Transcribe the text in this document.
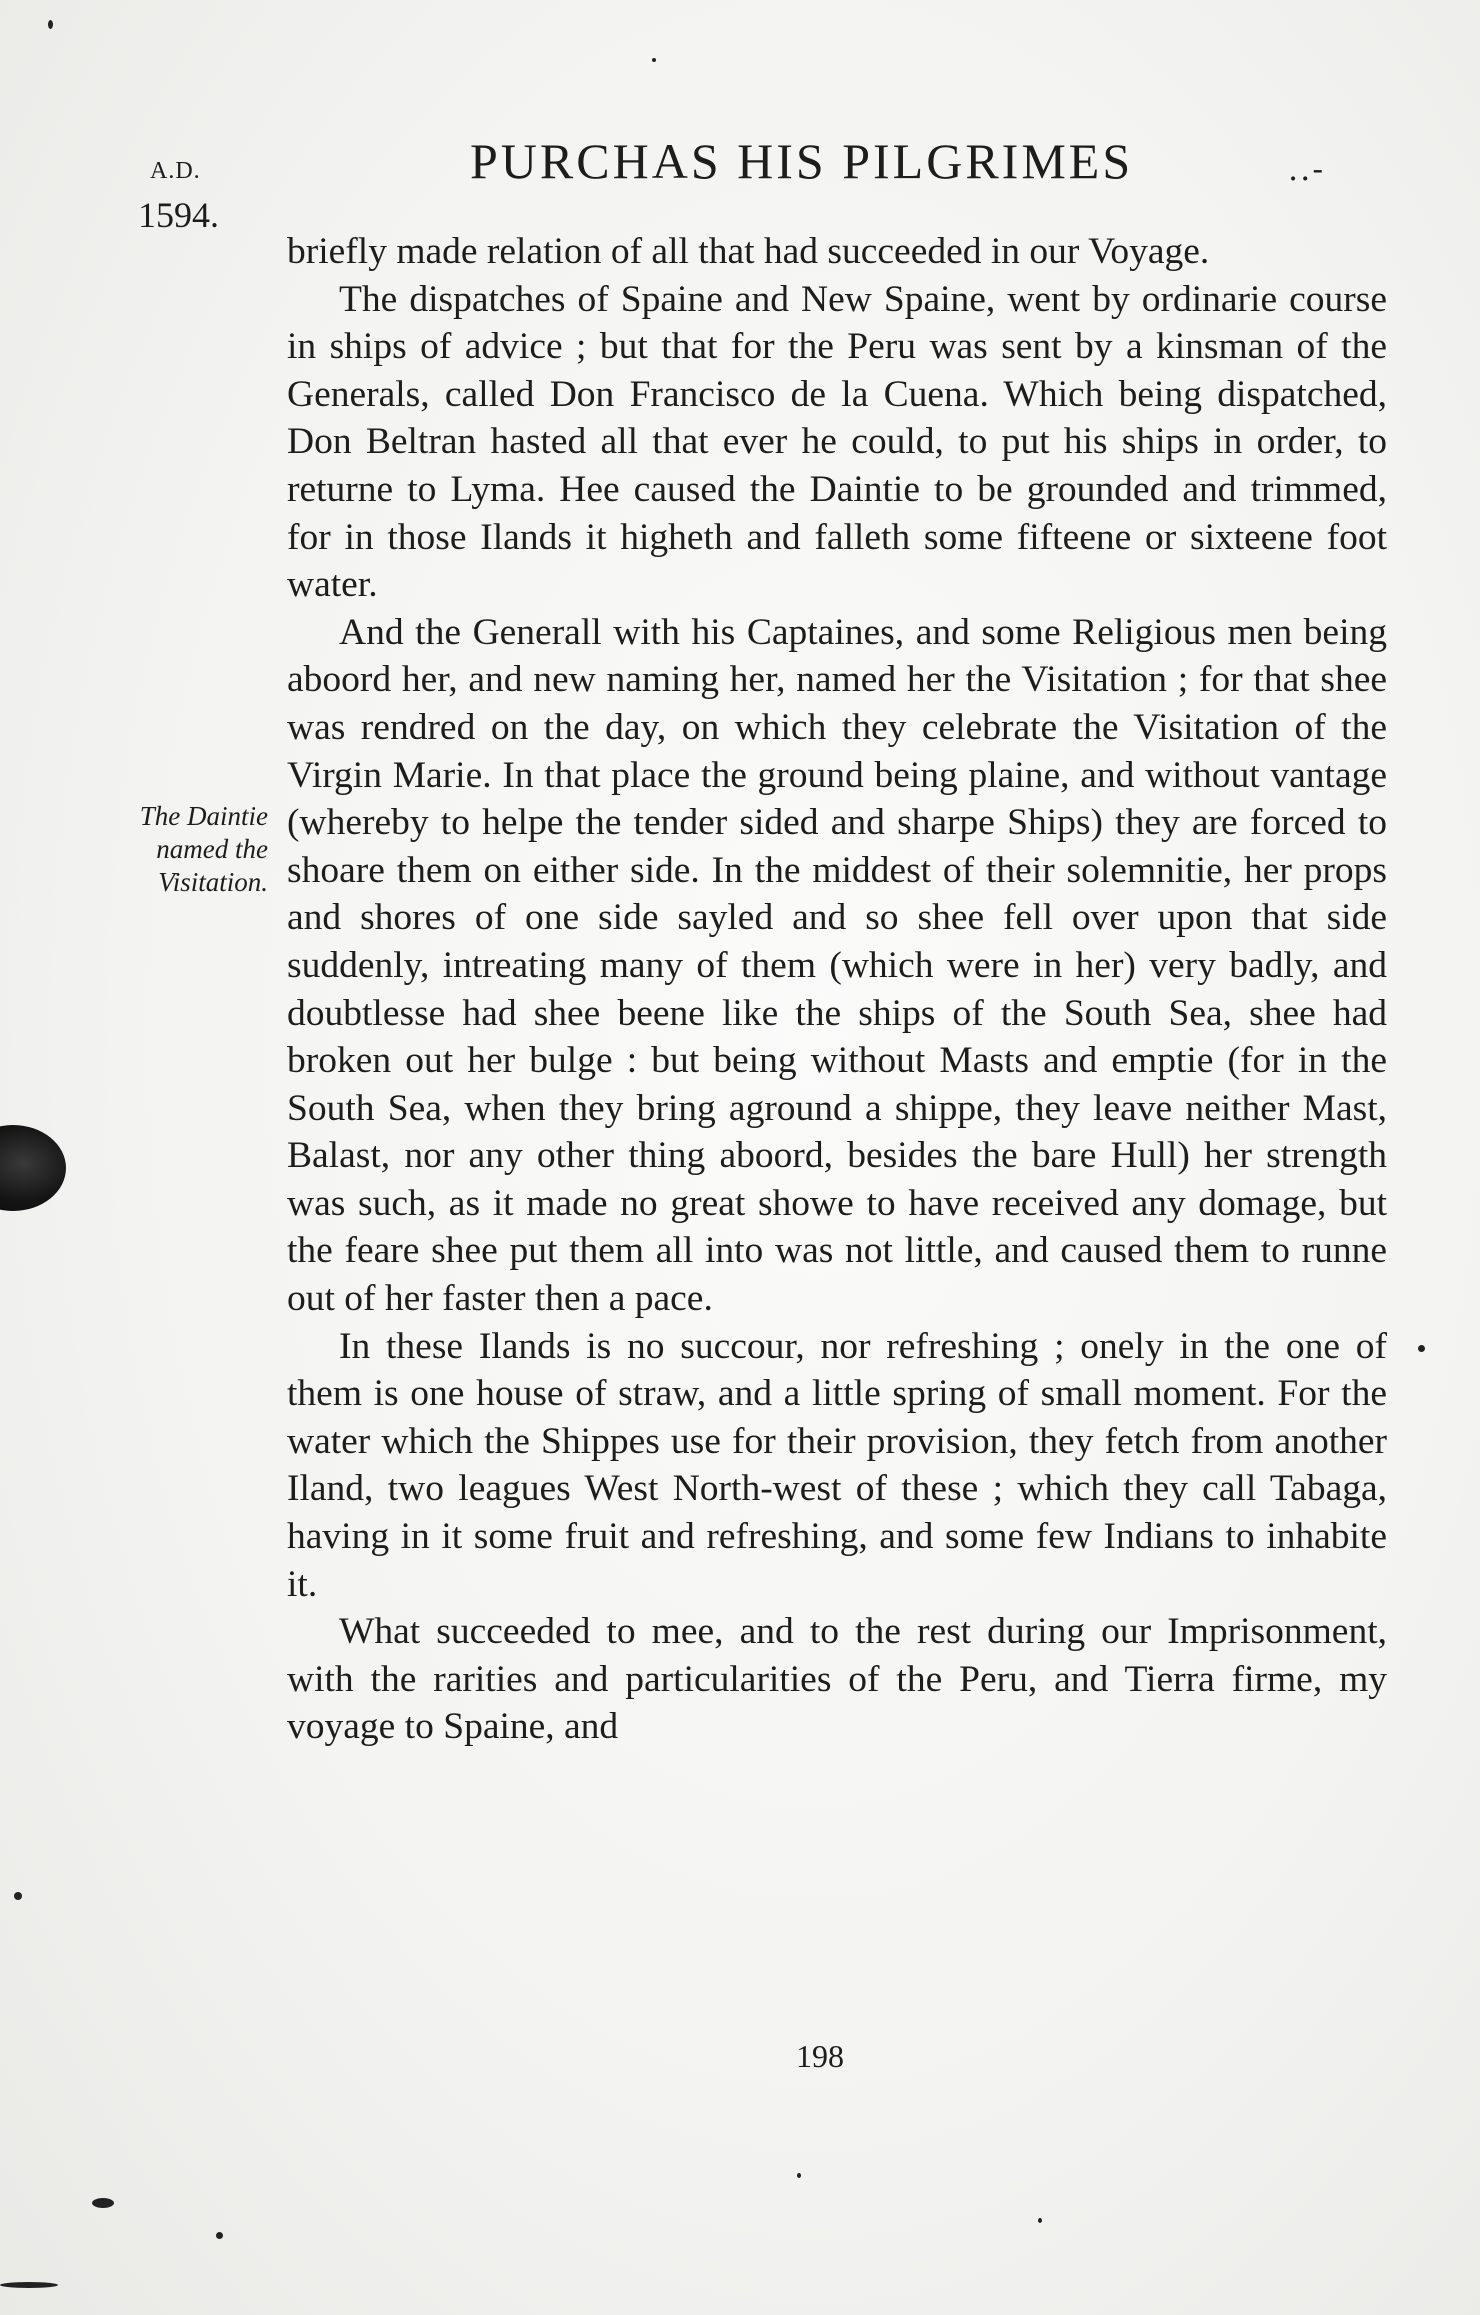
A.D.

1594.

PURCHAS HIS PILGRIMES	..-

The Daintie
named the
Visitation.

briefly made relation of all that had succeeded in our Voyage.

The dispatches of Spaine and New Spaine, went by ordinarie course in ships of advice ; but that for the Peru was sent by a kinsman of the Generals, called Don Francisco de la Cuena. Which being dispatched, Don Beltran hasted all that ever he could, to put his ships in order, to returne to Lyma. Hee caused the Daintie to be grounded and trimmed, for in those Ilands it higheth and falleth some fifteene or sixteene foot water.

And the Generall with his Captaines, and some Religious men being aboord her, and new naming her, named her the Visitation ; for that shee was rendred on the day, on which they celebrate the Visitation of the Virgin Marie. In that place the ground being plaine, and without vantage (whereby to helpe the tender sided and sharpe Ships) they are forced to shoare them on either side. In the middest of their solemnitie, her props and shores of one side sayled and so shee fell over upon that side suddenly, intreating many of them (which were in her) very badly, and doubtlesse had shee beene like the ships of the South Sea, shee had broken out her bulge : but being without Masts and emptie (for in the South Sea, when they bring aground a shippe, they leave neither Mast, Balast, nor any other thing aboord, besides the bare Hull) her strength was such, as it made no great showe to have received any domage, but the feare shee put them all into was not little, and caused them to runne out of her faster then a pace.

In these Ilands is no succour, nor refreshing ; onely in the one of them is one house of straw, and a little spring of small moment. For the water which the Shippes use for their provision, they fetch from another Iland, two leagues West North-west of these ; which they call Tabaga, having in it some fruit and refreshing, and some few Indians to inhabite it.

What succeeded to mee, and to the rest during our Imprisonment, with the rarities and particularities of the Peru, and Tierra firme, my voyage to Spaine, and

198
